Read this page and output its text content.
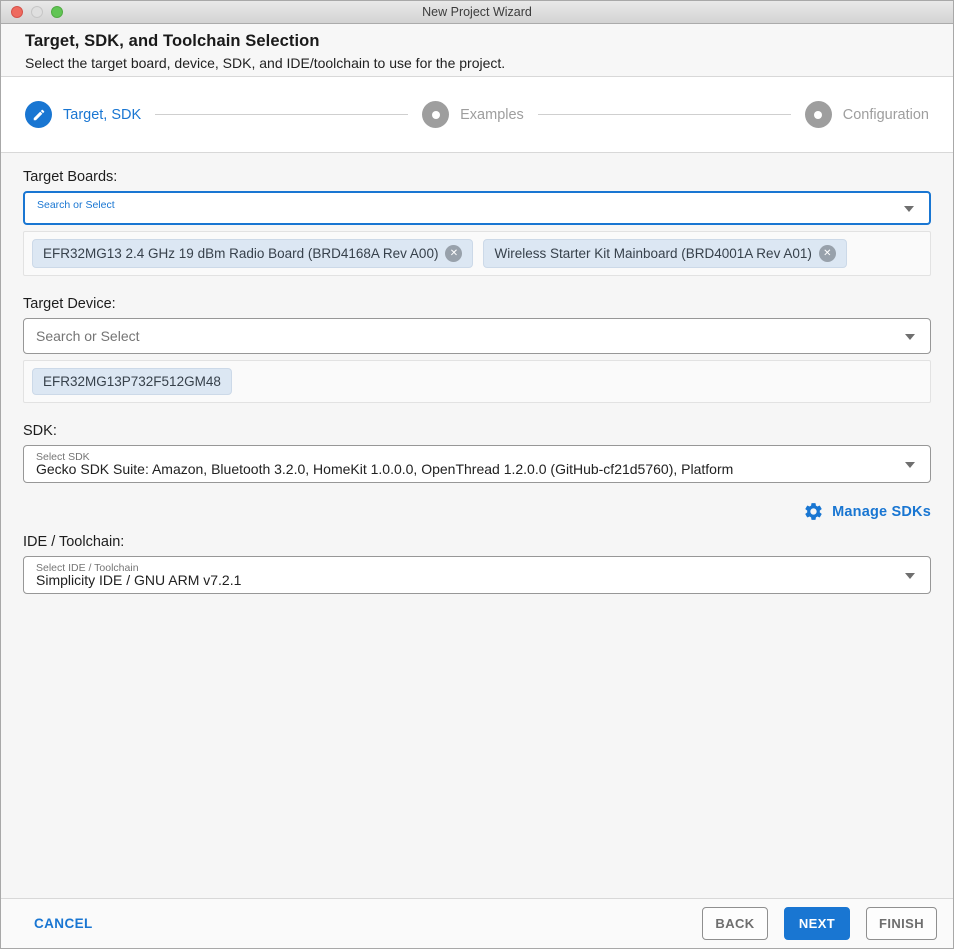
New Project Wizard
Target, SDK, and Toolchain Selection

Select the target board, device, SDK, and IDE/toolchain to use for the project.

Target, SDK	Examples	Configuration
Target Boards:
Search or Select
EFR32MG13 2.4 GHz 19 dBm Radio Board (BRD4168A Rev A00)	✕	Wireless Starter Kit Mainboard (BRD4001A Rev A01)	✕
Target Device:
Search or Select
EFR32MG13P732F512GM48
SDK:
Select SDK
Gecko SDK Suite: Amazon, Bluetooth 3.2.0, HomeKit 1.0.0.0, OpenThread 1.2.0.0 (GitHub-cf21d5760), Platform
Manage SDKs
IDE / Toolchain:
Select IDE / Toolchain
Simplicity IDE / GNU ARM v7.2.1
CANCEL	BACK	NEXT	FINISH
